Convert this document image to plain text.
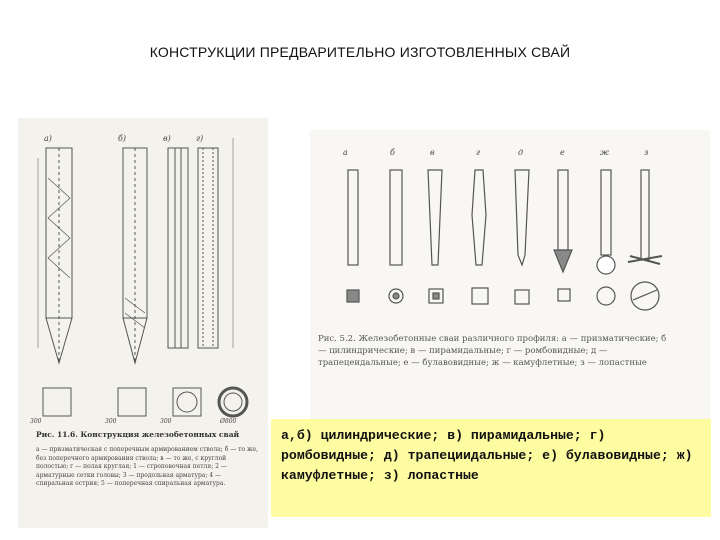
КОНСТРУКЦИИ ПРЕДВАРИТЕЛЬНО ИЗГОТОВЛЕННЫХ СВАЙ
а)	б)	в)	г)
300	300	300	Ø800
Рис. 11.6. Конструкция железобетонных свай
а — призматическая с поперечным армированием ствола; б — то же, без поперечного армирования ствола; в — то же, с круглой полостью; г — полая круглая; 1 — строповочная петля; 2 — арматурные сетки головы; 3 — продольная арматура; 4 — спиральная острия; 5 — поперечная спиральная арматура.
а	б	в	г	д	е	ж	з
Рис. 5.2. Железобетонные сваи различного профиля: а — призматические; б — цилиндрические; в — пирамидальные; г — ромбовидные; д — трапецеидальные; е — булавовидные; ж — камуфлетные; з — лопастные
а,б) цилиндрические; в) пирамидальные; г) ромбовидные; д) трапециидальные; е) булавовидные; ж) камуфлетные; з) лопастные
